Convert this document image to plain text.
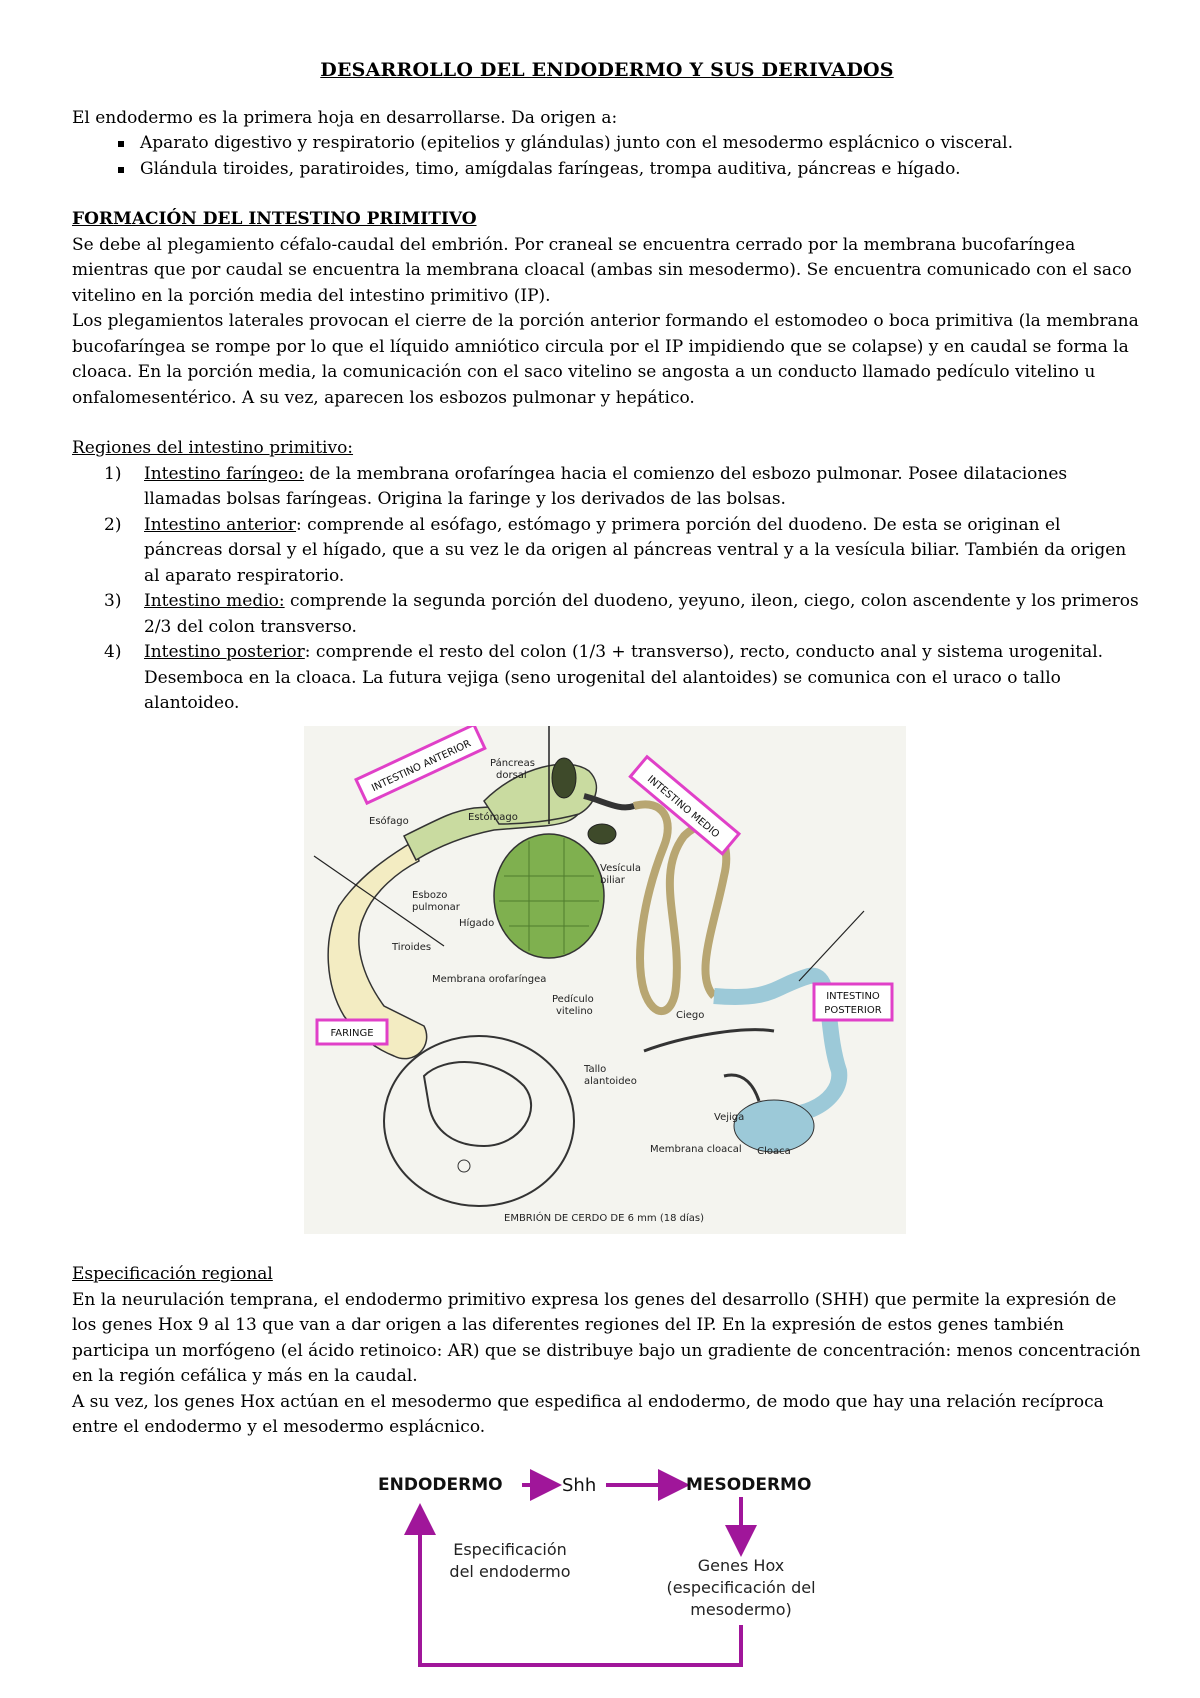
DESARROLLO DEL ENDODERMO Y SUS DERIVADOS

El endodermo es la primera hoja en desarrollarse. Da origen a:

Aparato digestivo y respiratorio (epitelios y glándulas) junto con el mesodermo esplácnico o visceral.
Glándula tiroides, paratiroides, timo, amígdalas faríngeas, trompa auditiva, páncreas e hígado.

FORMACIÓN DEL INTESTINO PRIMITIVO

Se debe al plegamiento céfalo-caudal del embrión. Por craneal se encuentra cerrado por la membrana bucofaríngea mientras que por caudal se encuentra la membrana cloacal (ambas sin mesodermo). Se encuentra comunicado con el saco vitelino en la porción media del intestino primitivo (IP).

Los plegamientos laterales provocan el cierre de la porción anterior formando el estomodeo o boca primitiva (la membrana bucofaríngea se rompe por lo que el líquido amniótico circula por el IP impidiendo que se colapse) y en caudal se forma la cloaca. En la porción media, la comunicación con el saco vitelino se angosta a un conducto llamado pedículo vitelino u onfalomesentérico. A su vez, aparecen los esbozos pulmonar y hepático.

Regiones del intestino primitivo:

1) Intestino faríngeo: de la membrana orofaríngea hacia el comienzo del esbozo pulmonar. Posee dilataciones llamadas bolsas faríngeas. Origina la faringe y los derivados de las bolsas.
2) Intestino anterior: comprende al esófago, estómago y primera porción del duodeno. De esta se originan el páncreas dorsal y el hígado, que a su vez le da origen al páncreas ventral y a la vesícula biliar. También da origen al aparato respiratorio.
3) Intestino medio: comprende la segunda porción del duodeno, yeyuno, ileon, ciego, colon ascendente y los primeros 2/3 del colon transverso.
4) Intestino posterior: comprende el resto del colon (1/3 + transverso), recto, conducto anal y sistema urogenital. Desemboca en la cloaca. La futura vejiga (seno urogenital del alantoides) se comunica con el uraco o tallo alantoideo.
INTESTINO ANTERIOR
INTESTINO MEDIO
FARINGE
INTESTINO
POSTERIOR
Páncreas
dorsal
Estómago
Esófago
Esbozo
pulmonar
Hígado
Vesícula
biliar
Tiroides
Membrana orofaríngea
Pedículo
vitelino	Ciego
Tallo
alantoideo
Vejiga
Membrana cloacal Cloaca
EMBRIÓN DE CERDO DE 6 mm (18 días)

Especificación regional

En la neurulación temprana, el endodermo primitivo expresa los genes del desarrollo (SHH) que permite la expresión de los genes Hox 9 al 13 que van a dar origen a las diferentes regiones del IP. En la expresión de estos genes también participa un morfógeno (el ácido retinoico: AR) que se distribuye bajo un gradiente de concentración: menos concentración en la región cefálica y más en la caudal.

A su vez, los genes Hox actúan en el mesodermo que espedifica al endodermo, de modo que hay una relación recíproca entre el endodermo y el mesodermo esplácnico.

ENDODERMO	Shh	MESODERMO
Genes Hox
(especificación del
mesodermo)
Especificación
del endodermo
